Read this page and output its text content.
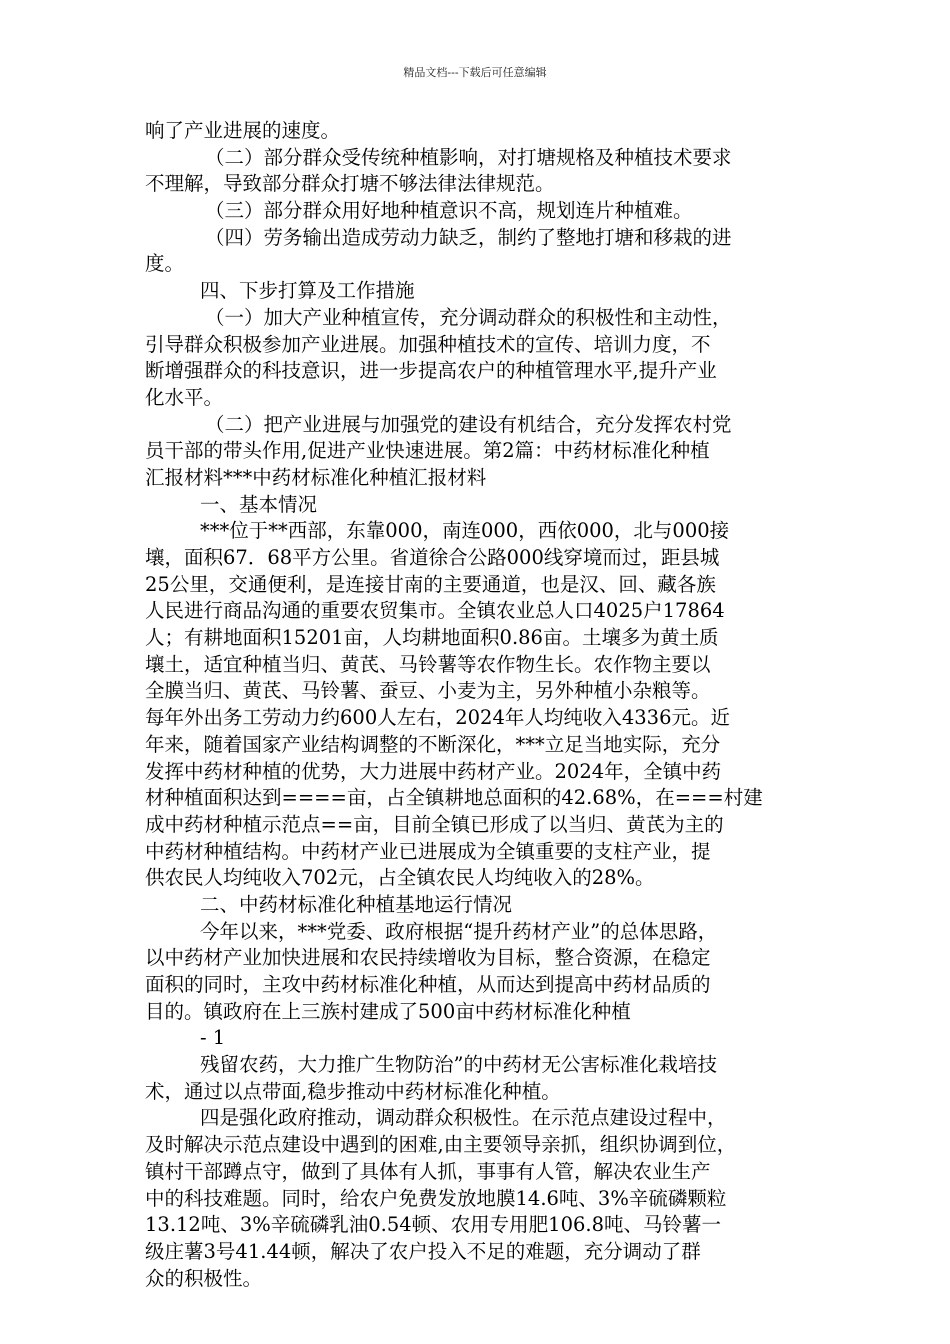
精品文档---下载后可任意编辑
响了产业进展的速度。
（二）部分群众受传统种植影响，对打塘规格及种植技术要求
不理解，导致部分群众打塘不够法律法律规范。
（三）部分群众用好地种植意识不高，规划连片种植难。
（四）劳务输出造成劳动力缺乏，制约了整地打塘和移栽的进
度。
四、下步打算及工作措施
（一）加大产业种植宣传，充分调动群众的积极性和主动性，
引导群众积极参加产业进展。加强种植技术的宣传、培训力度，不
断增强群众的科技意识，进一步提高农户的种植管理水平,提升产业
化水平。
（二）把产业进展与加强党的建设有机结合，充分发挥农村党
员干部的带头作用,促进产业快速进展。第2篇：中药材标准化种植
汇报材料***中药材标准化种植汇报材料
一、基本情况
***位于**西部，东靠000，南连000，西依000，北与000接
壤，面积67．68平方公里。省道徐合公路000线穿境而过，距县城
25公里，交通便利，是连接甘南的主要通道，也是汉、回、藏各族
人民进行商品沟通的重要农贸集市。全镇农业总人口4025户17864
人；有耕地面积15201亩，人均耕地面积0.86亩。土壤多为黄土质
壤土，适宜种植当归、黄芪、马铃薯等农作物生长。农作物主要以
全膜当归、黄芪、马铃薯、蚕豆、小麦为主，另外种植小杂粮等。
每年外出务工劳动力约600人左右，2024年人均纯收入4336元。近
年来，随着国家产业结构调整的不断深化，***立足当地实际，充分
发挥中药材种植的优势，大力进展中药材产业。2024年，全镇中药
材种植面积达到====亩，占全镇耕地总面积的42.68%，在===村建
成中药材种植示范点==亩，目前全镇已形成了以当归、黄芪为主的
中药材种植结构。中药材产业已进展成为全镇重要的支柱产业，提
供农民人均纯收入702元，占全镇农民人均纯收入的28%。
二、中药材标准化种植基地运行情况
今年以来，***党委、政府根据“提升药材产业”的总体思路，
以中药材产业加快进展和农民持续增收为目标，整合资源，在稳定
面积的同时，主攻中药材标准化种植，从而达到提高中药材品质的
目的。镇政府在上三族村建成了500亩中药材标准化种植
- 1
残留农药，大力推广生物防治”的中药材无公害标准化栽培技
术，通过以点带面,稳步推动中药材标准化种植。
四是强化政府推动，调动群众积极性。在示范点建设过程中，
及时解决示范点建设中遇到的困难,由主要领导亲抓，组织协调到位，
镇村干部蹲点守，做到了具体有人抓，事事有人管，解决农业生产
中的科技难题。同时，给农户免费发放地膜14.6吨、3%辛硫磷颗粒
13.12吨、3%辛硫磷乳油0.54顿、农用专用肥106.8吨、马铃薯一
级庄薯3号41.44顿，解决了农户投入不足的难题，充分调动了群
众的积极性。
